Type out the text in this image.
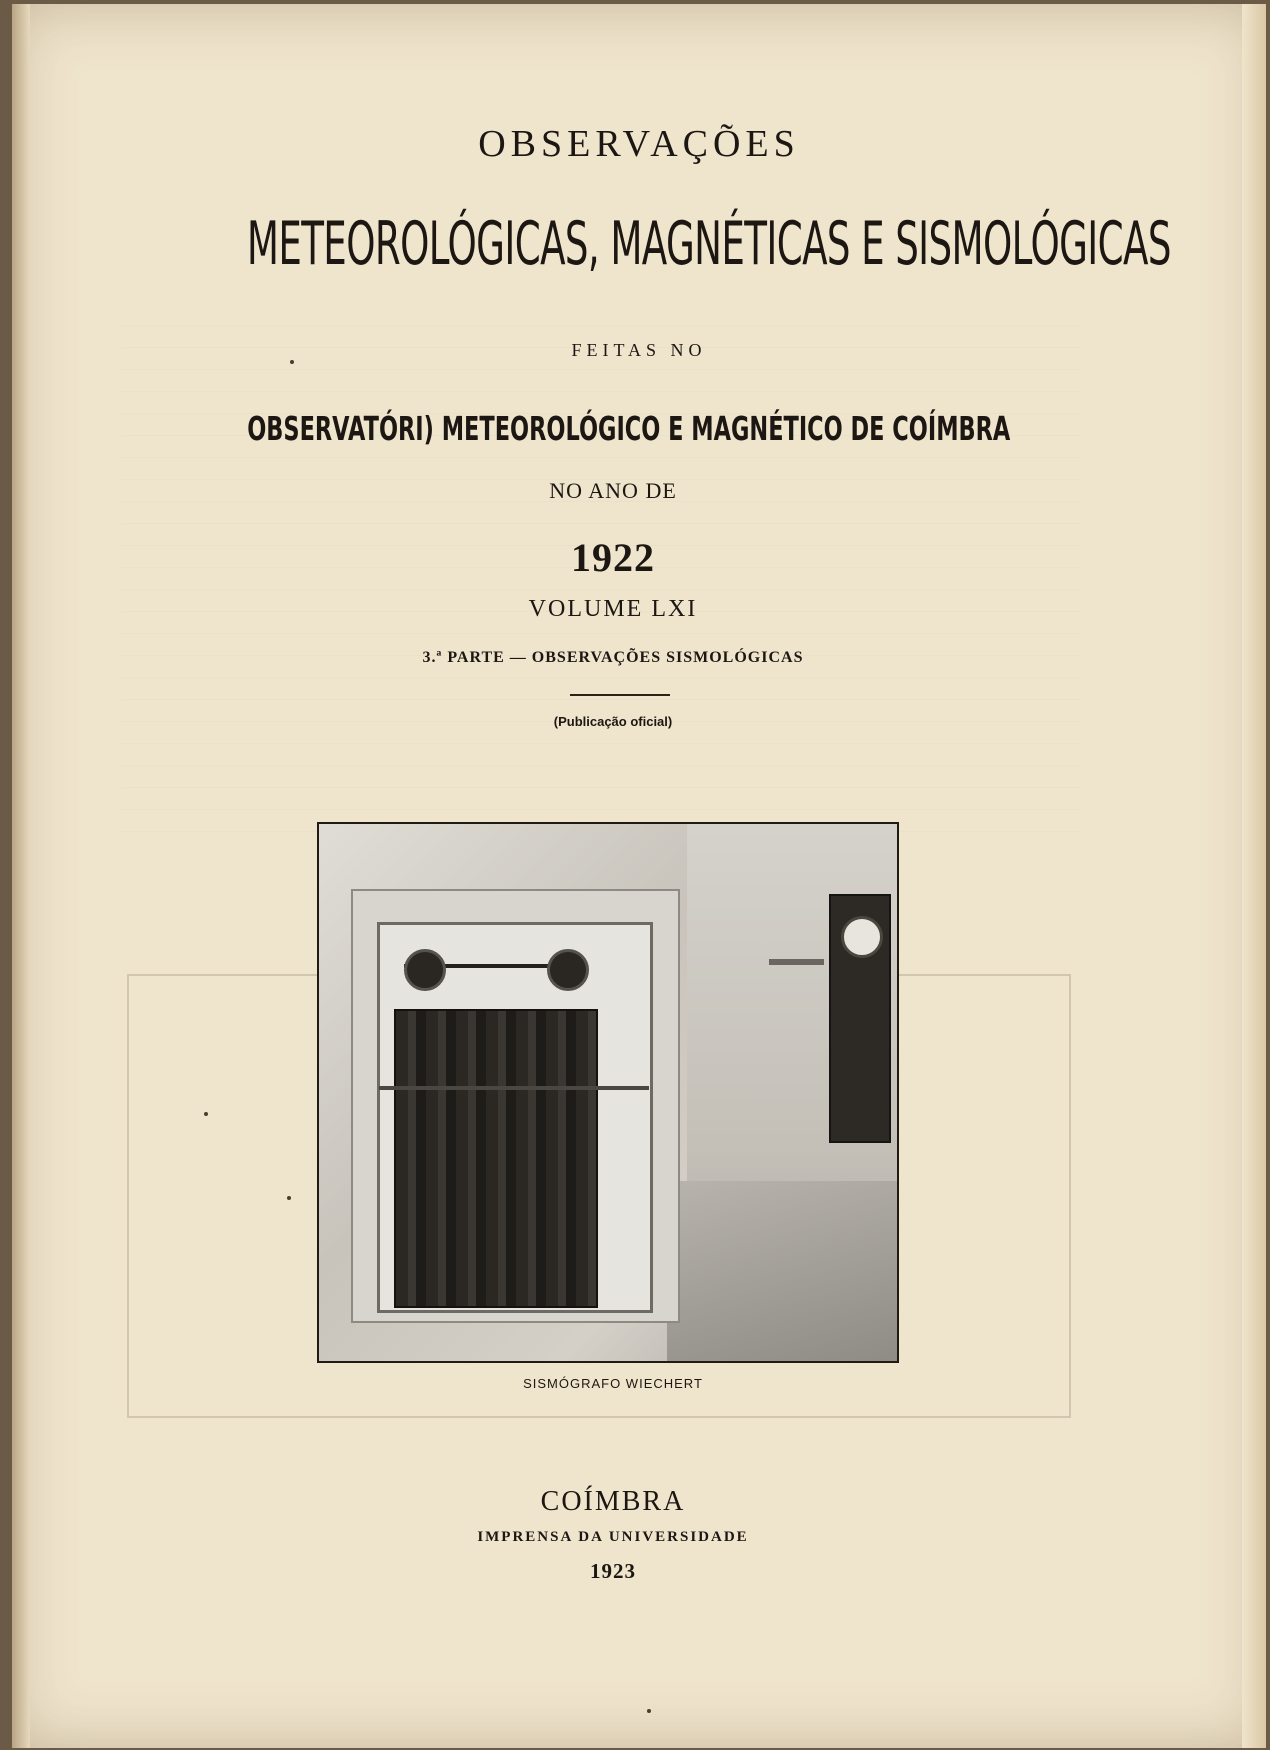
OBSERVAÇÕES
METEOROLÓGICAS, MAGNÉTICAS E SISMOLÓGICAS
FEITAS NO
OBSERVATÓRI) METEOROLÓGICO E MAGNÉTICO DE COÍMBRA
NO ANO DE
1922
VOLUME LXI
3.ª PARTE — OBSERVAÇÕES SISMOLÓGICAS
(Publicação oficial)
SISMÓGRAFO WIECHERT
COÍMBRA
IMPRENSA DA UNIVERSIDADE
1923
